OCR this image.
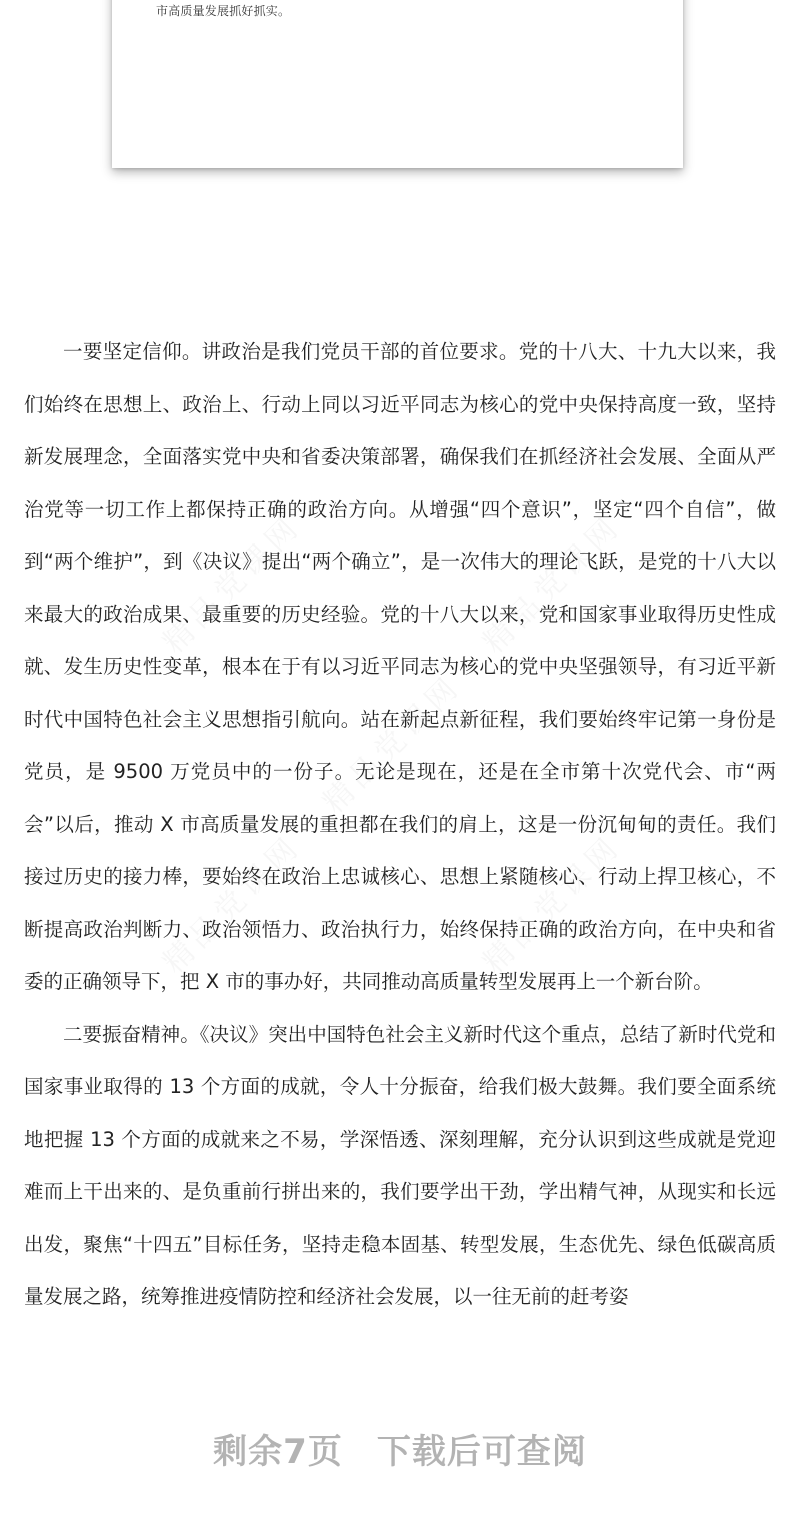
市高质量发展抓好抓实。
精品党课网	精品党课网
精品党课网
精品党课网	精品党课网

一要坚定信仰。讲政治是我们党员干部的首位要求。党的十八大、十九大以来，我们始终在思想上、政治上、行动上同以习近平同志为核心的党中央保持高度一致，坚持新发展理念，全面落实党中央和省委决策部署，确保我们在抓经济社会发展、全面从严治党等一切工作上都保持正确的政治方向。从增强“四个意识”，坚定“四个自信”，做到“两个维护”，到《决议》提出“两个确立”，是一次伟大的理论飞跃，是党的十八大以来最大的政治成果、最重要的历史经验。党的十八大以来，党和国家事业取得历史性成就、发生历史性变革，根本在于有以习近平同志为核心的党中央坚强领导，有习近平新时代中国特色社会主义思想指引航向。站在新起点新征程，我们要始终牢记第一身份是党员，是 9500 万党员中的一份子。无论是现在，还是在全市第十次党代会、市“两会”以后，推动 X 市高质量发展的重担都在我们的肩上，这是一份沉甸甸的责任。我们接过历史的接力棒，要始终在政治上忠诚核心、思想上紧随核心、行动上捍卫核心，不断提高政治判断力、政治领悟力、政治执行力，始终保持正确的政治方向，在中央和省委的正确领导下，把 X 市的事办好，共同推动高质量转型发展再上一个新台阶。

二要振奋精神。《决议》突出中国特色社会主义新时代这个重点，总结了新时代党和国家事业取得的 13 个方面的成就，令人十分振奋，给我们极大鼓舞。我们要全面系统地把握 13 个方面的成就来之不易，学深悟透、深刻理解，充分认识到这些成就是党迎难而上干出来的、是负重前行拼出来的，我们要学出干劲，学出精气神，从现实和长远出发，聚焦“十四五”目标任务，坚持走稳本固基、转型发展，生态优先、绿色低碳高质量发展之路，统筹推进疫情防控和经济社会发展，以一往无前的赶考姿

剩余7页 下载后可查阅
